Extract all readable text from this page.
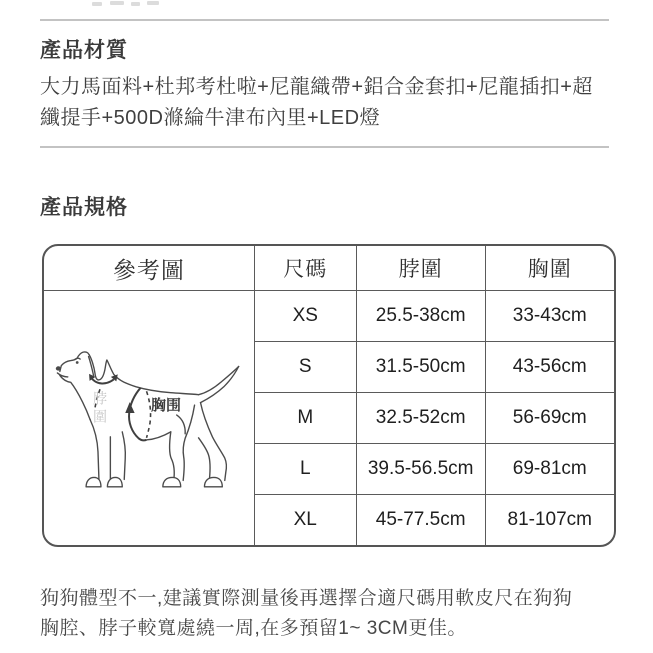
產品材質
大力馬面料+杜邦考杜啦+尼龍織帶+鋁合金套扣+尼龍插扣+超
纖提手+500D滌綸牛津布內里+LED燈
產品規格
參考圖	尺碼	脖圍	胸圍
脖圍	胸围
XS	25.5-38cm	33-43cm
S	31.5-50cm	43-56cm
M	32.5-52cm	56-69cm
L	39.5-56.5cm	69-81cm
XL	45-77.5cm	81-107cm
狗狗體型不一,建議實際測量後再選擇合適尺碼用軟皮尺在狗狗
胸腔、脖子較寬處繞一周,在多預留1~ 3CM更佳。
